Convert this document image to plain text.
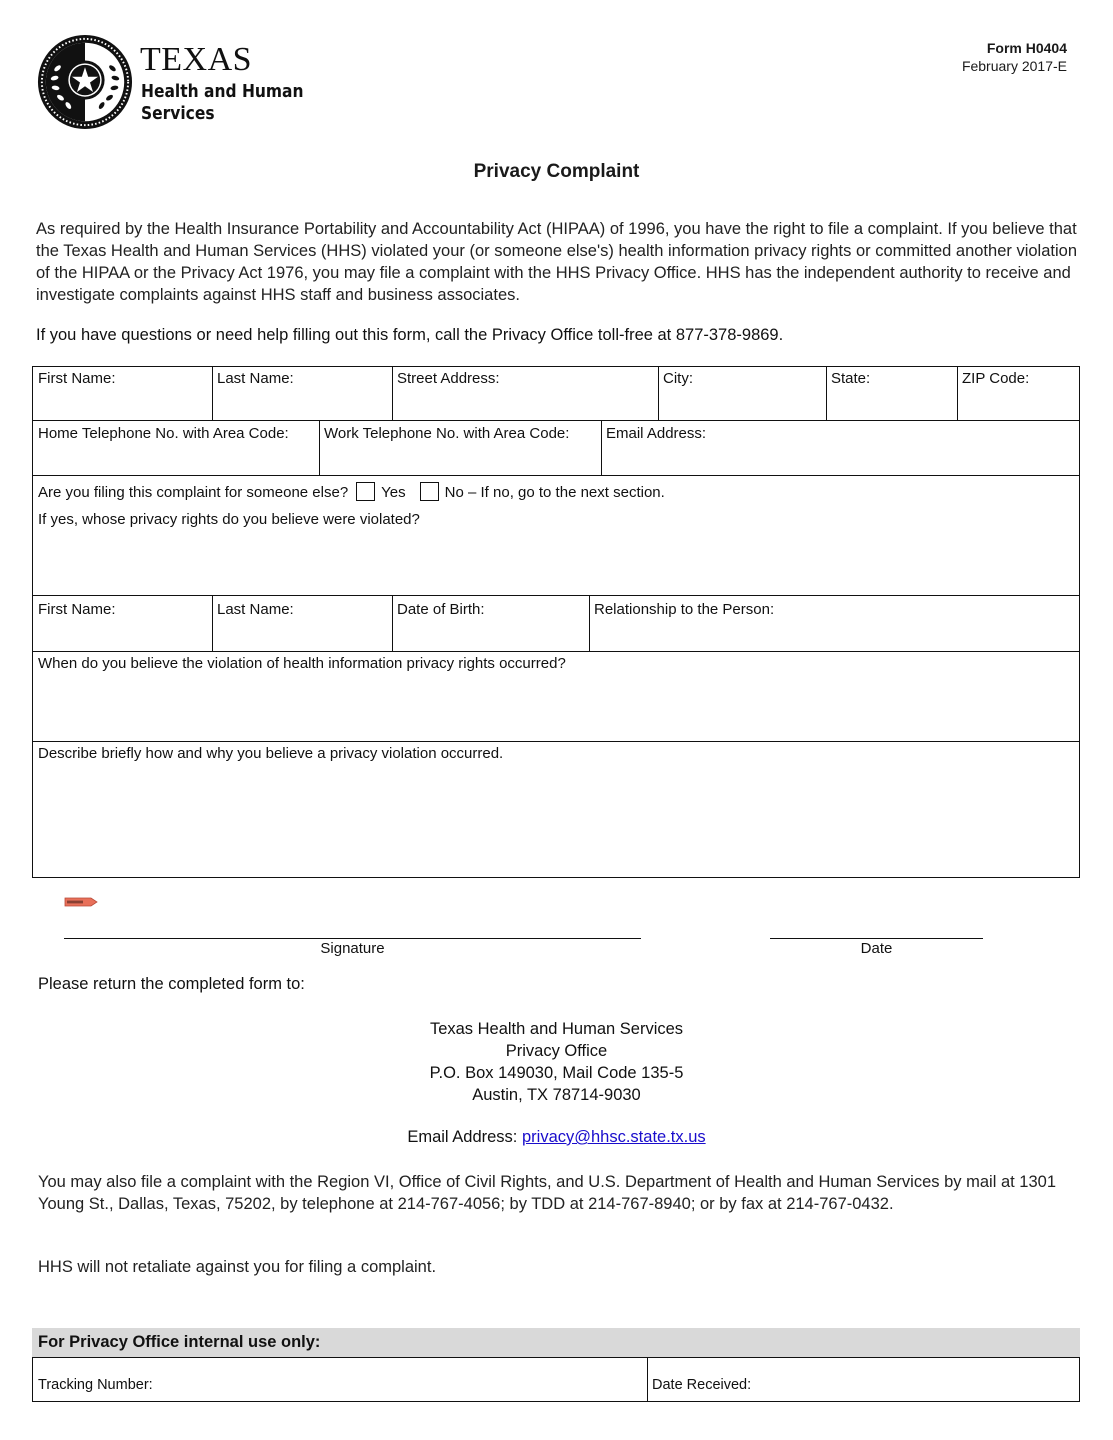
TEXAS
Health and Human
Services
Form H0404
February 2017-E
Privacy Complaint
As required by the Health Insurance Portability and Accountability Act (HIPAA) of 1996, you have the right to file a complaint. If you believe that the Texas Health and Human Services (HHS) violated your (or someone else's) health information privacy rights or committed another violation of the HIPAA or the Privacy Act 1976, you may file a complaint with the HHS Privacy Office. HHS has the independent authority to receive and investigate complaints against HHS staff and business associates.
If you have questions or need help filling out this form, call the Privacy Office toll-free at 877-378-9869.
First Name:	Last Name:	Street Address:	City:	State:	ZIP Code:
Home Telephone No. with Area Code:	Work Telephone No. with Area Code:	Email Address:
Are you filing this complaint for someone else? Yes	No – If no, go to the next section.
If yes, whose privacy rights do you believe were violated?
First Name:	Last Name:	Date of Birth:	Relationship to the Person:
When do you believe the violation of health information privacy rights occurred?
Describe briefly how and why you believe a privacy violation occurred.
Signature	Date
Please return the completed form to:
Texas Health and Human Services
Privacy Office
P.O. Box 149030, Mail Code 135-5
Austin, TX 78714-9030
Email Address: privacy@hhsc.state.tx.us
You may also file a complaint with the Region VI, Office of Civil Rights, and U.S. Department of Health and Human Services by mail at 1301 Young St., Dallas, Texas, 75202, by telephone at 214-767-4056; by TDD at 214-767-8940; or by fax at 214-767-0432.
HHS will not retaliate against you for filing a complaint.
For Privacy Office internal use only:
Tracking Number:	Date Received:
